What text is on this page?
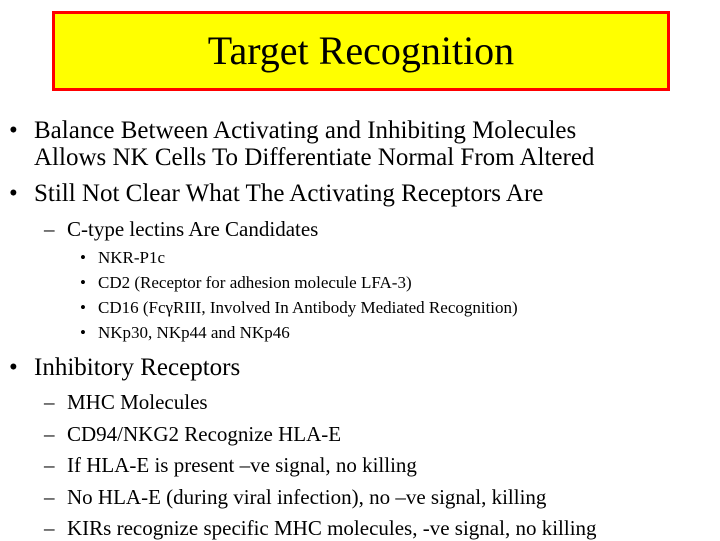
Target Recognition
• Balance Between Activating and Inhibiting Molecules
Allows NK Cells To Differentiate Normal From Altered
• Still Not Clear What The Activating Receptors Are
– C-type lectins Are Candidates
• NKR-P1c
• CD2 (Receptor for adhesion molecule LFA-3)
• CD16 (FcγRIII, Involved In Antibody Mediated Recognition)
• NKp30, NKp44 and NKp46
• Inhibitory Receptors
– MHC Molecules
– CD94/NKG2 Recognize HLA-E
– If HLA-E is present –ve signal, no killing
– No HLA-E (during viral infection), no –ve signal, killing
– KIRs recognize specific MHC molecules, -ve signal, no killing
